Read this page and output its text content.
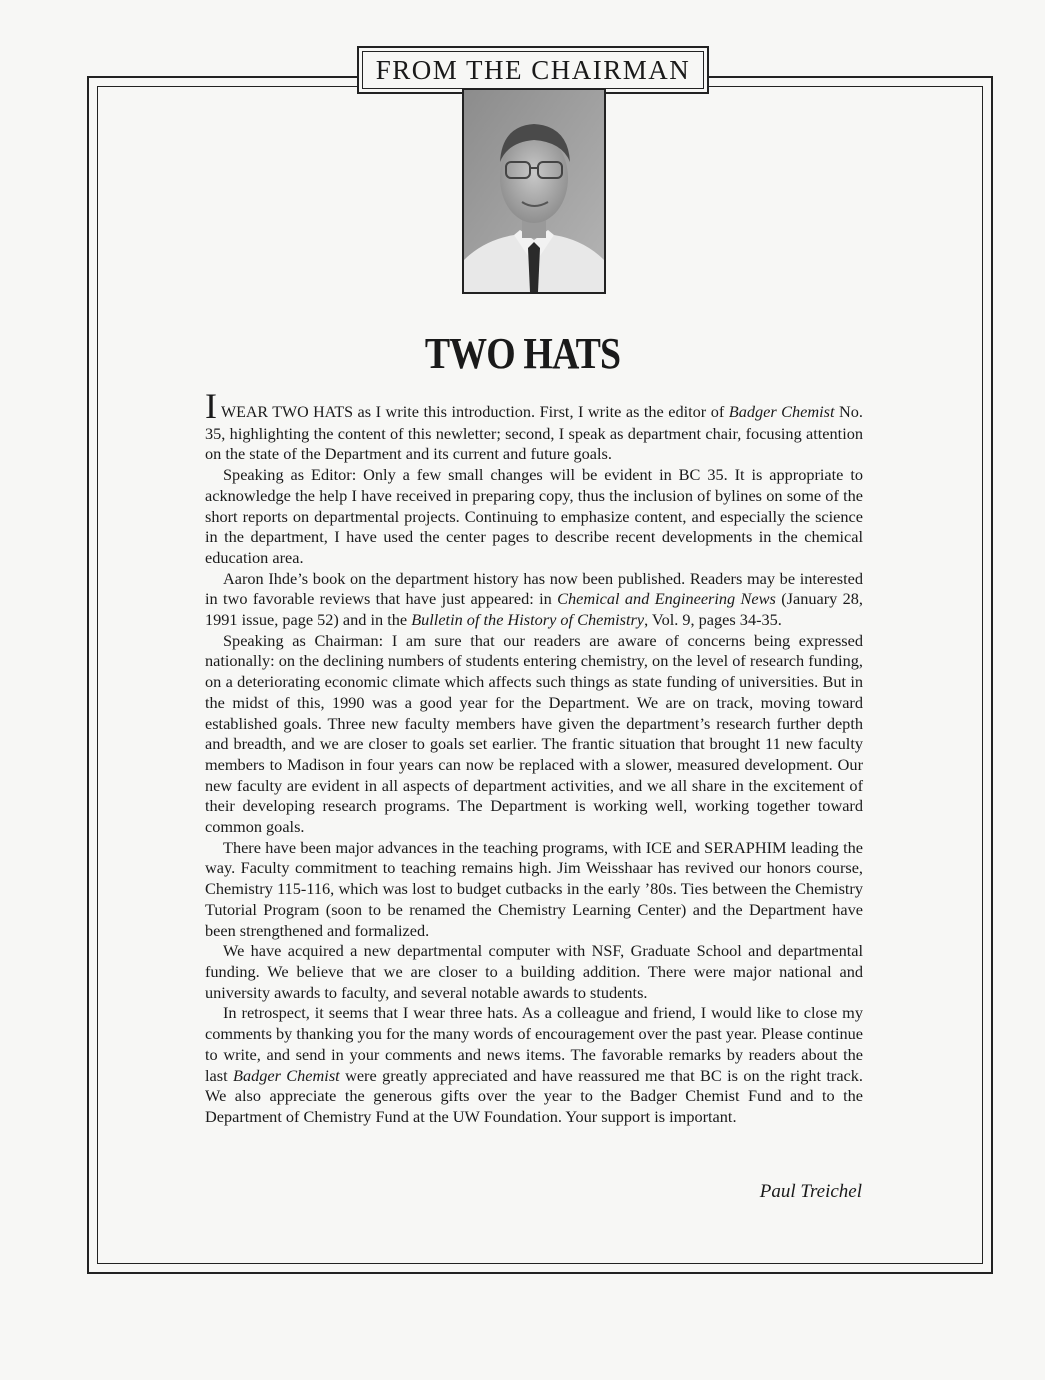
FROM THE CHAIRMAN
TWO HATS

IWEAR TWO HATS as I write this introduction. First, I write as the editor of Badger Chemist No. 35, highlighting the content of this newletter; second, I speak as department chair, focusing attention on the state of the Department and its current and future goals.

Speaking as Editor: Only a few small changes will be evident in BC 35. It is appropriate to acknowledge the help I have received in preparing copy, thus the inclusion of bylines on some of the short reports on departmental projects. Continuing to emphasize content, and especially the science in the department, I have used the center pages to describe recent developments in the chemical education area.

Aaron Ihde’s book on the department history has now been published. Readers may be interested in two favorable reviews that have just appeared: in Chemical and Engineering News (January 28, 1991 issue, page 52) and in the Bulletin of the History of Chemistry, Vol. 9, pages 34-35.

Speaking as Chairman: I am sure that our readers are aware of concerns being expressed nationally: on the declining numbers of students entering chemistry, on the level of research funding, on a deteriorating economic climate which affects such things as state funding of universities. But in the midst of this, 1990 was a good year for the Department. We are on track, moving toward established goals. Three new faculty members have given the department’s research further depth and breadth, and we are closer to goals set earlier. The frantic situation that brought 11 new faculty members to Madison in four years can now be replaced with a slower, measured development. Our new faculty are evident in all aspects of department activities, and we all share in the excitement of their developing research programs. The Department is working well, working together toward common goals.

There have been major advances in the teaching programs, with ICE and SERAPHIM leading the way. Faculty commitment to teaching remains high. Jim Weisshaar has revived our honors course, Chemistry 115-116, which was lost to budget cutbacks in the early ’80s. Ties between the Chemistry Tutorial Program (soon to be renamed the Chemistry Learning Center) and the Department have been strengthened and formalized.

We have acquired a new departmental computer with NSF, Graduate School and departmental funding. We believe that we are closer to a building addition. There were major national and university awards to faculty, and several notable awards to students.

In retrospect, it seems that I wear three hats. As a colleague and friend, I would like to close my comments by thanking you for the many words of encouragement over the past year. Please continue to write, and send in your comments and news items. The favorable remarks by readers about the last Badger Chemist were greatly appreciated and have reassured me that BC is on the right track. We also appreciate the generous gifts over the year to the Badger Chemist Fund and to the Department of Chemistry Fund at the UW Foundation. Your support is important.

Paul Treichel
